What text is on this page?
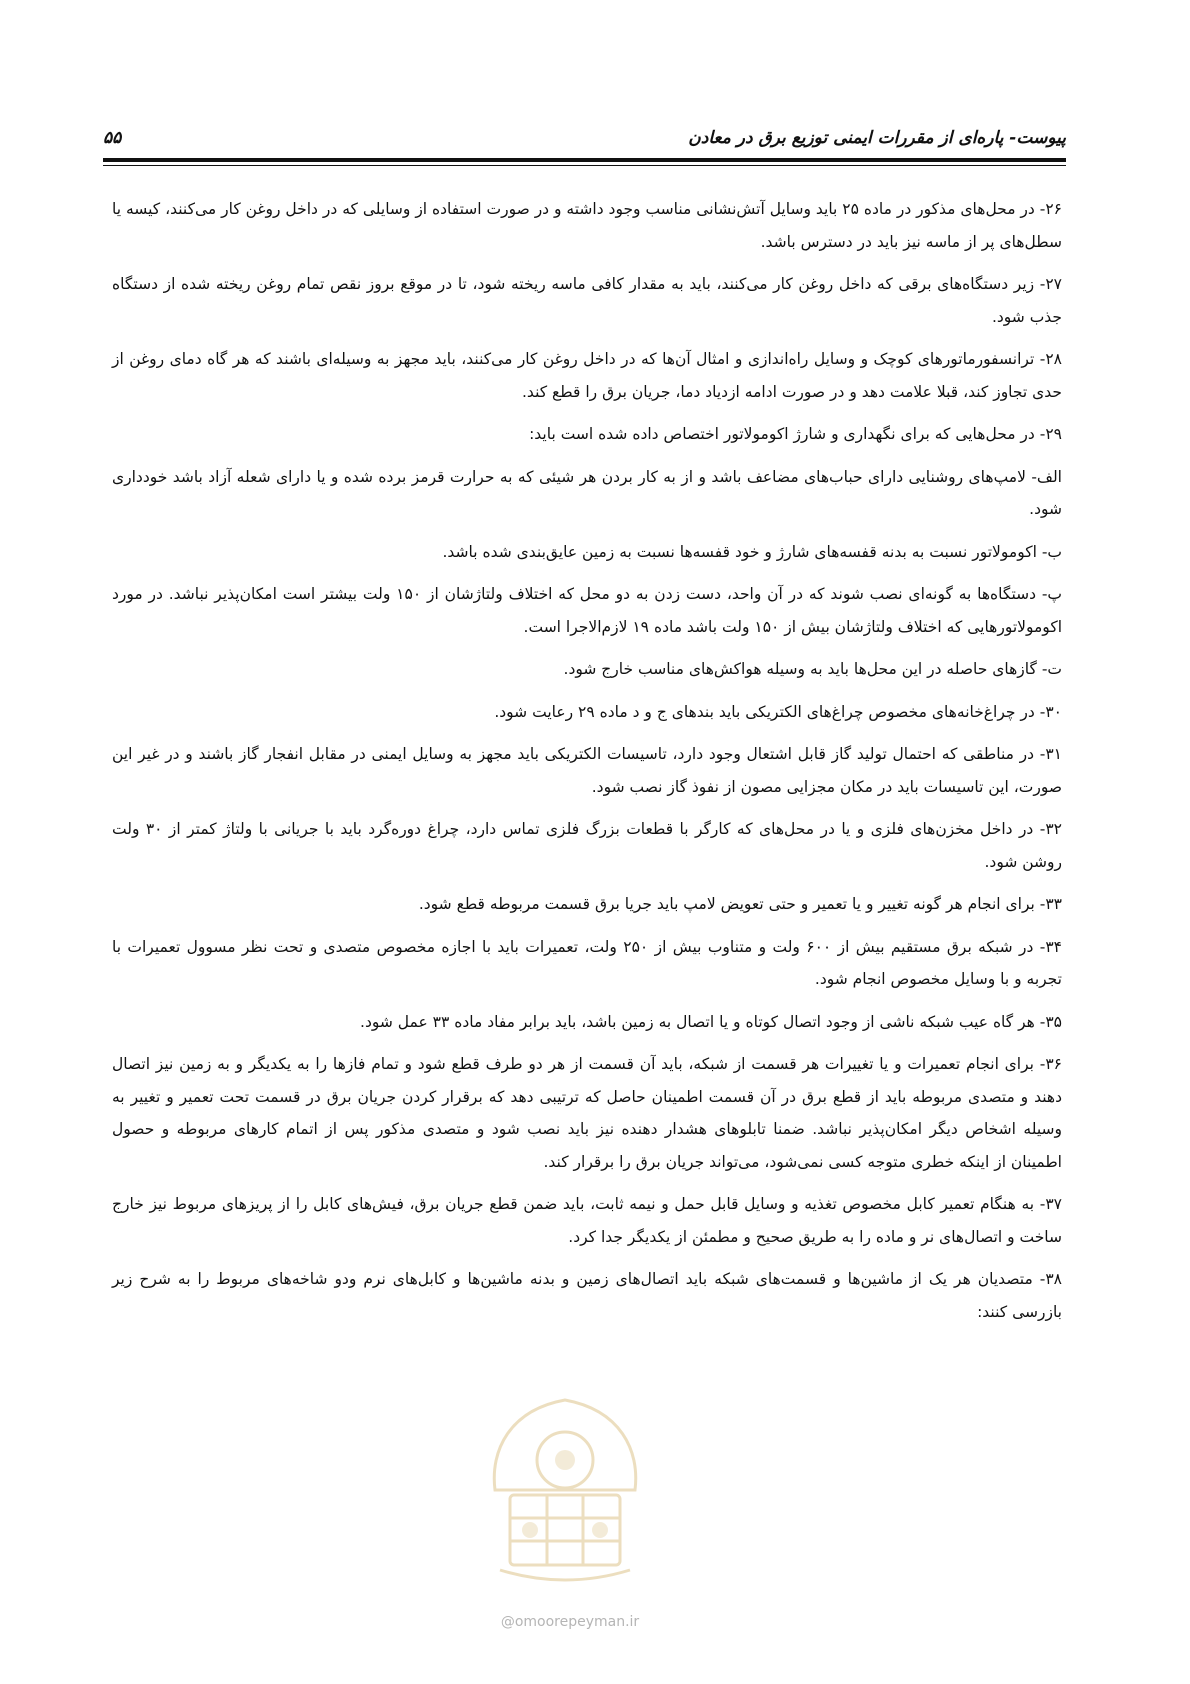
پیوست- پاره‌ای از مقررات ایمنی توزیع برق در معادن
۵۵

۲۶- در محل‌های مذکور در ماده ۲۵ باید وسایل آتش‌نشانی مناسب وجود داشته و در صورت استفاده از وسایلی که در داخل روغن کار می‌کنند، کیسه یا سطل‌های پر از ماسه نیز باید در دسترس باشد.

۲۷- زیر دستگاه‌های برقی که داخل روغن کار می‌کنند، باید به مقدار کافی ماسه ریخته شود، تا در موقع بروز نقص تمام روغن ریخته شده از دستگاه جذب شود.

۲۸- ترانسفورماتورهای کوچک و وسایل راه‌اندازی و امثال آن‌ها که در داخل روغن کار می‌کنند، باید مجهز به وسیله‌ای باشند که هر گاه دمای روغن از حدی تجاوز کند، قبلا علامت دهد و در صورت ادامه ازدیاد دما، جریان برق را قطع کند.

۲۹- در محل‌هایی که برای نگهداری و شارژ اکومولاتور اختصاص داده شده است باید:

الف- لامپ‌های روشنایی دارای حباب‌های مضاعف باشد و از به کار بردن هر شیئی که به حرارت قرمز برده شده و یا دارای شعله آزاد باشد خودداری شود.

ب- اکومولاتور نسبت به بدنه قفسه‌های شارژ و خود قفسه‌ها نسبت به زمین عایق‌بندی شده باشد.

پ- دستگاه‌ها به گونه‌ای نصب شوند که در آن واحد، دست زدن به دو محل که اختلاف ولتاژشان از ۱۵۰ ولت بیشتر است امکان‌پذیر نباشد. در مورد اکومولاتورهایی که اختلاف ولتاژشان بیش از ۱۵۰ ولت باشد ماده ۱۹ لازم‌الاجرا است.

ت- گازهای حاصله در این محل‌ها باید به وسیله هواکش‌های مناسب خارج شود.

۳۰- در چراغ‌خانه‌های مخصوص چراغ‌های الکتریکی باید بندهای ج و د ماده ۲۹ رعایت شود.

۳۱- در مناطقی که احتمال تولید گاز قابل اشتعال وجود دارد، تاسیسات الکتریکی باید مجهز به وسایل ایمنی در مقابل انفجار گاز باشند و در غیر این صورت، این تاسیسات باید در مکان مجزایی مصون از نفوذ گاز نصب شود.

۳۲- در داخل مخزن‌های فلزی و یا در محل‌های که کارگر با قطعات بزرگ فلزی تماس دارد، چراغ دوره‌گرد باید با جریانی با ولتاژ کمتر از ۳۰ ولت روشن شود.

۳۳- برای انجام هر گونه تغییر و یا تعمیر و حتی تعویض لامپ باید جریا برق قسمت مربوطه قطع شود.

۳۴- در شبکه برق مستقیم بیش از ۶۰۰ ولت و متناوب بیش از ۲۵۰ ولت، تعمیرات باید با اجازه مخصوص متصدی و تحت نظر مسوول تعمیرات با تجربه و با وسایل مخصوص انجام شود.

۳۵- هر گاه عیب شبکه ناشی از وجود اتصال کوتاه و یا اتصال به زمین باشد، باید برابر مفاد ماده ۳۳ عمل شود.

۳۶- برای انجام تعمیرات و یا تغییرات هر قسمت از شبکه، باید آن قسمت از هر دو طرف قطع شود و تمام فازها را به یکدیگر و به زمین نیز اتصال دهند و متصدی مربوطه باید از قطع برق در آن قسمت اطمینان حاصل که ترتیبی دهد که برقرار کردن جریان برق در قسمت تحت تعمیر و تغییر به وسیله اشخاص دیگر امکان‌پذیر نباشد. ضمنا تابلوهای هشدار دهنده نیز باید نصب شود و متصدی مذکور پس از اتمام کارهای مربوطه و حصول اطمینان از اینکه خطری متوجه کسی نمی‌شود، می‌تواند جریان برق را برقرار کند.

۳۷- به هنگام تعمیر کابل مخصوص تغذیه و وسایل قابل حمل و نیمه ثابت، باید ضمن قطع جریان برق، فیش‌های کابل را از پریزهای مربوط نیز خارج ساخت و اتصال‌های نر و ماده را به طریق صحیح و مطمئن از یکدیگر جدا کرد.

۳۸- متصدیان هر یک از ماشین‌ها و قسمت‌های شبکه باید اتصال‌های زمین و بدنه ماشین‌ها و کابل‌های نرم ودو شاخه‌های مربوط را به شرح زیر بازرسی کنند:

@omoorepeyman.ir
